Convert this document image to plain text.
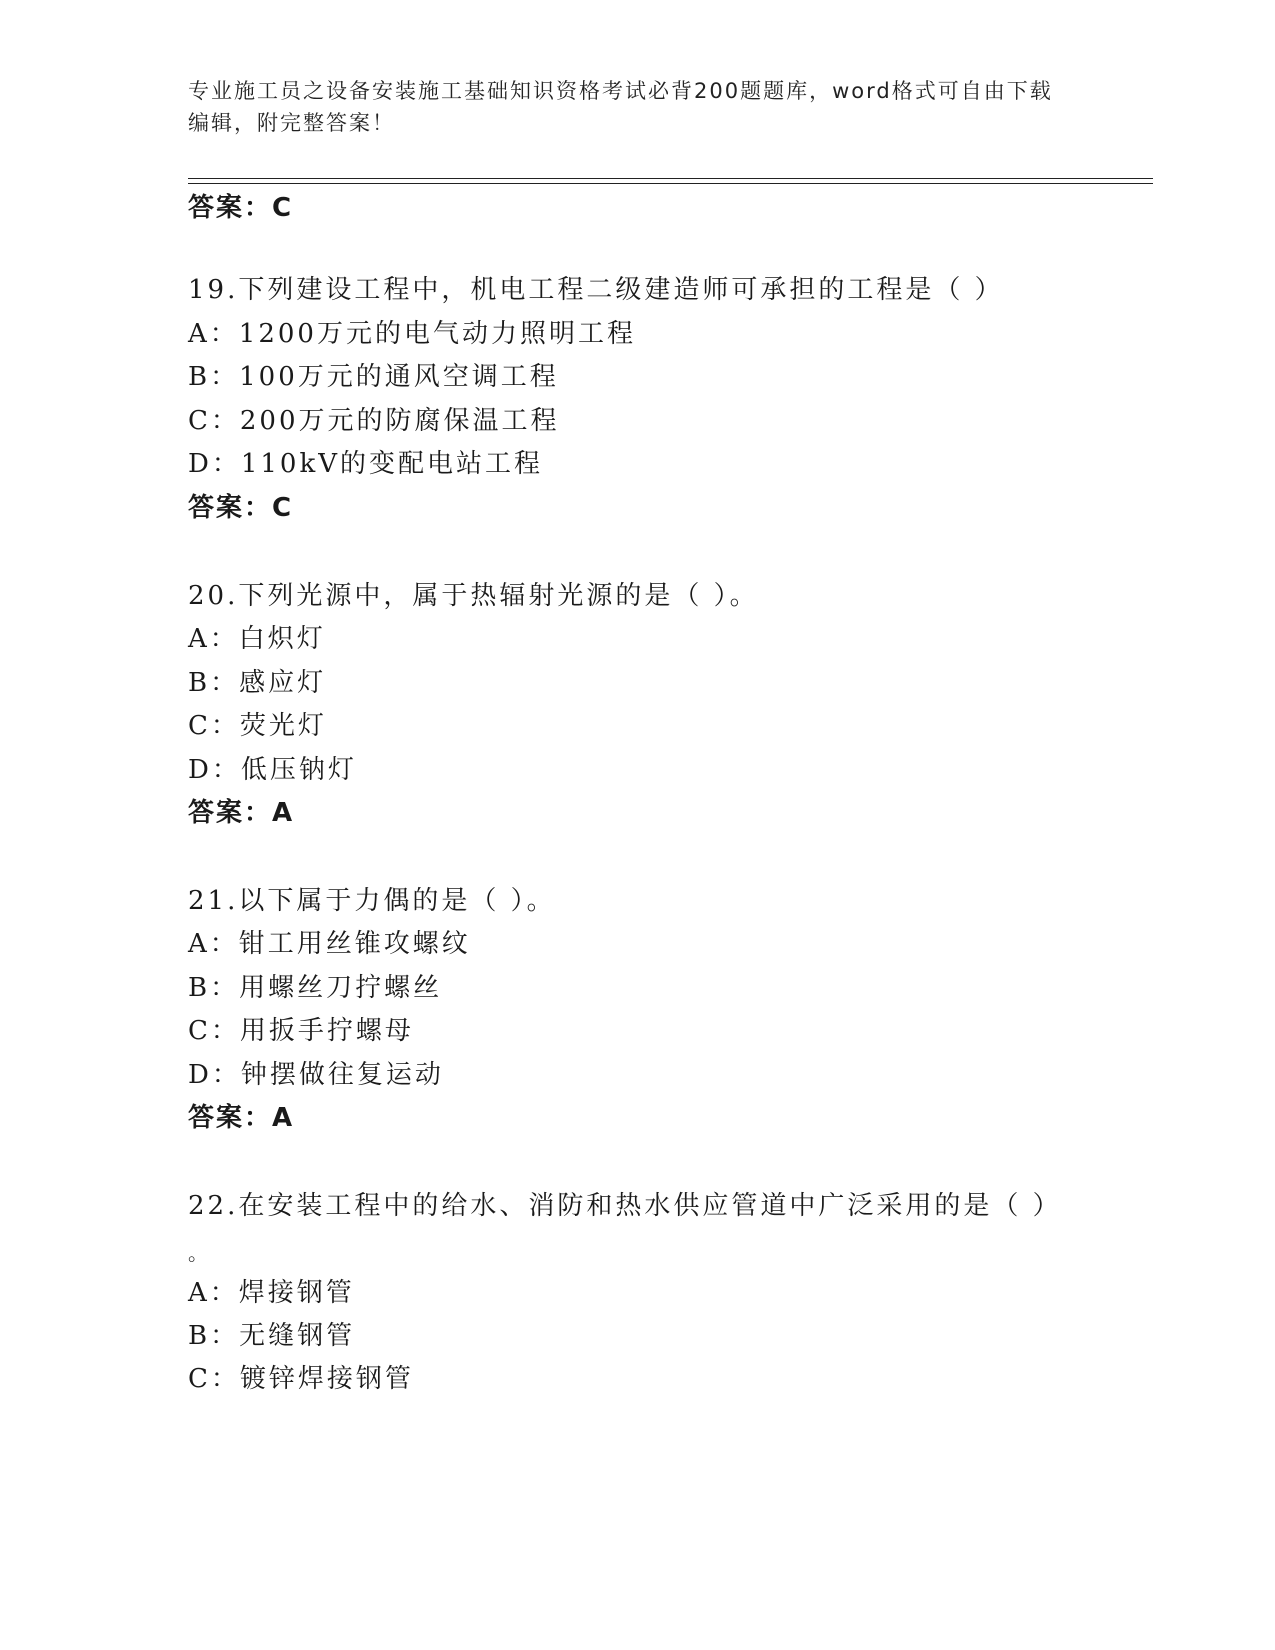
专业施工员之设备安装施工基础知识资格考试必背200题题库，word格式可自由下载编辑，附完整答案！
答案：C
19.下列建设工程中，机电工程二级建造师可承担的工程是（ ）
A：1200万元的电气动力照明工程
B：100万元的通风空调工程
C：200万元的防腐保温工程
D：110kV的变配电站工程
答案：C
20.下列光源中，属于热辐射光源的是（ ）。
A：白炽灯
B：感应灯
C：荧光灯
D：低压钠灯
答案：A
21.以下属于力偶的是（ ）。
A：钳工用丝锥攻螺纹
B：用螺丝刀拧螺丝
C：用扳手拧螺母
D：钟摆做往复运动
答案：A
22.在安装工程中的给水、消防和热水供应管道中广泛采用的是（ ）
。
A：焊接钢管
B：无缝钢管
C：镀锌焊接钢管
